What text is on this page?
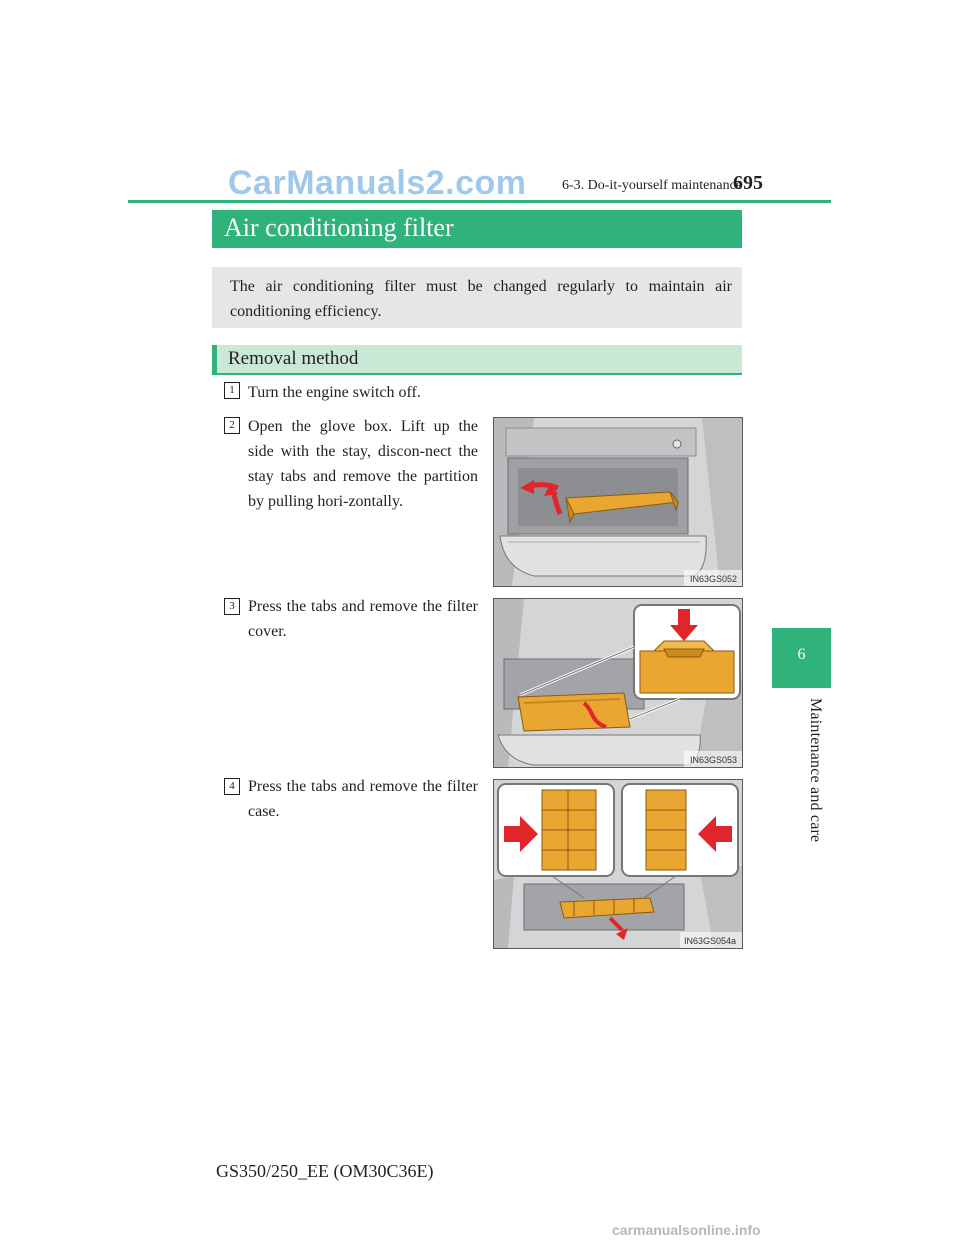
CarManuals2.com	6-3. Do-it-yourself maintenance
695
6
Maintenance and care
Air conditioning filter
The air conditioning filter must be changed regularly to maintain air conditioning efficiency.
Removal method
1 Turn the engine switch off.
2 Open the glove box. Lift up the side with the stay, discon-nect the stay tabs and remove the partition by pulling hori-zontally.
IN63GS052
3 Press the tabs and remove the filter cover.
IN63GS053
4 Press the tabs and remove the filter case.
IN63GS054a
GS350/250_EE (OM30C36E)
carmanualsonline.info
